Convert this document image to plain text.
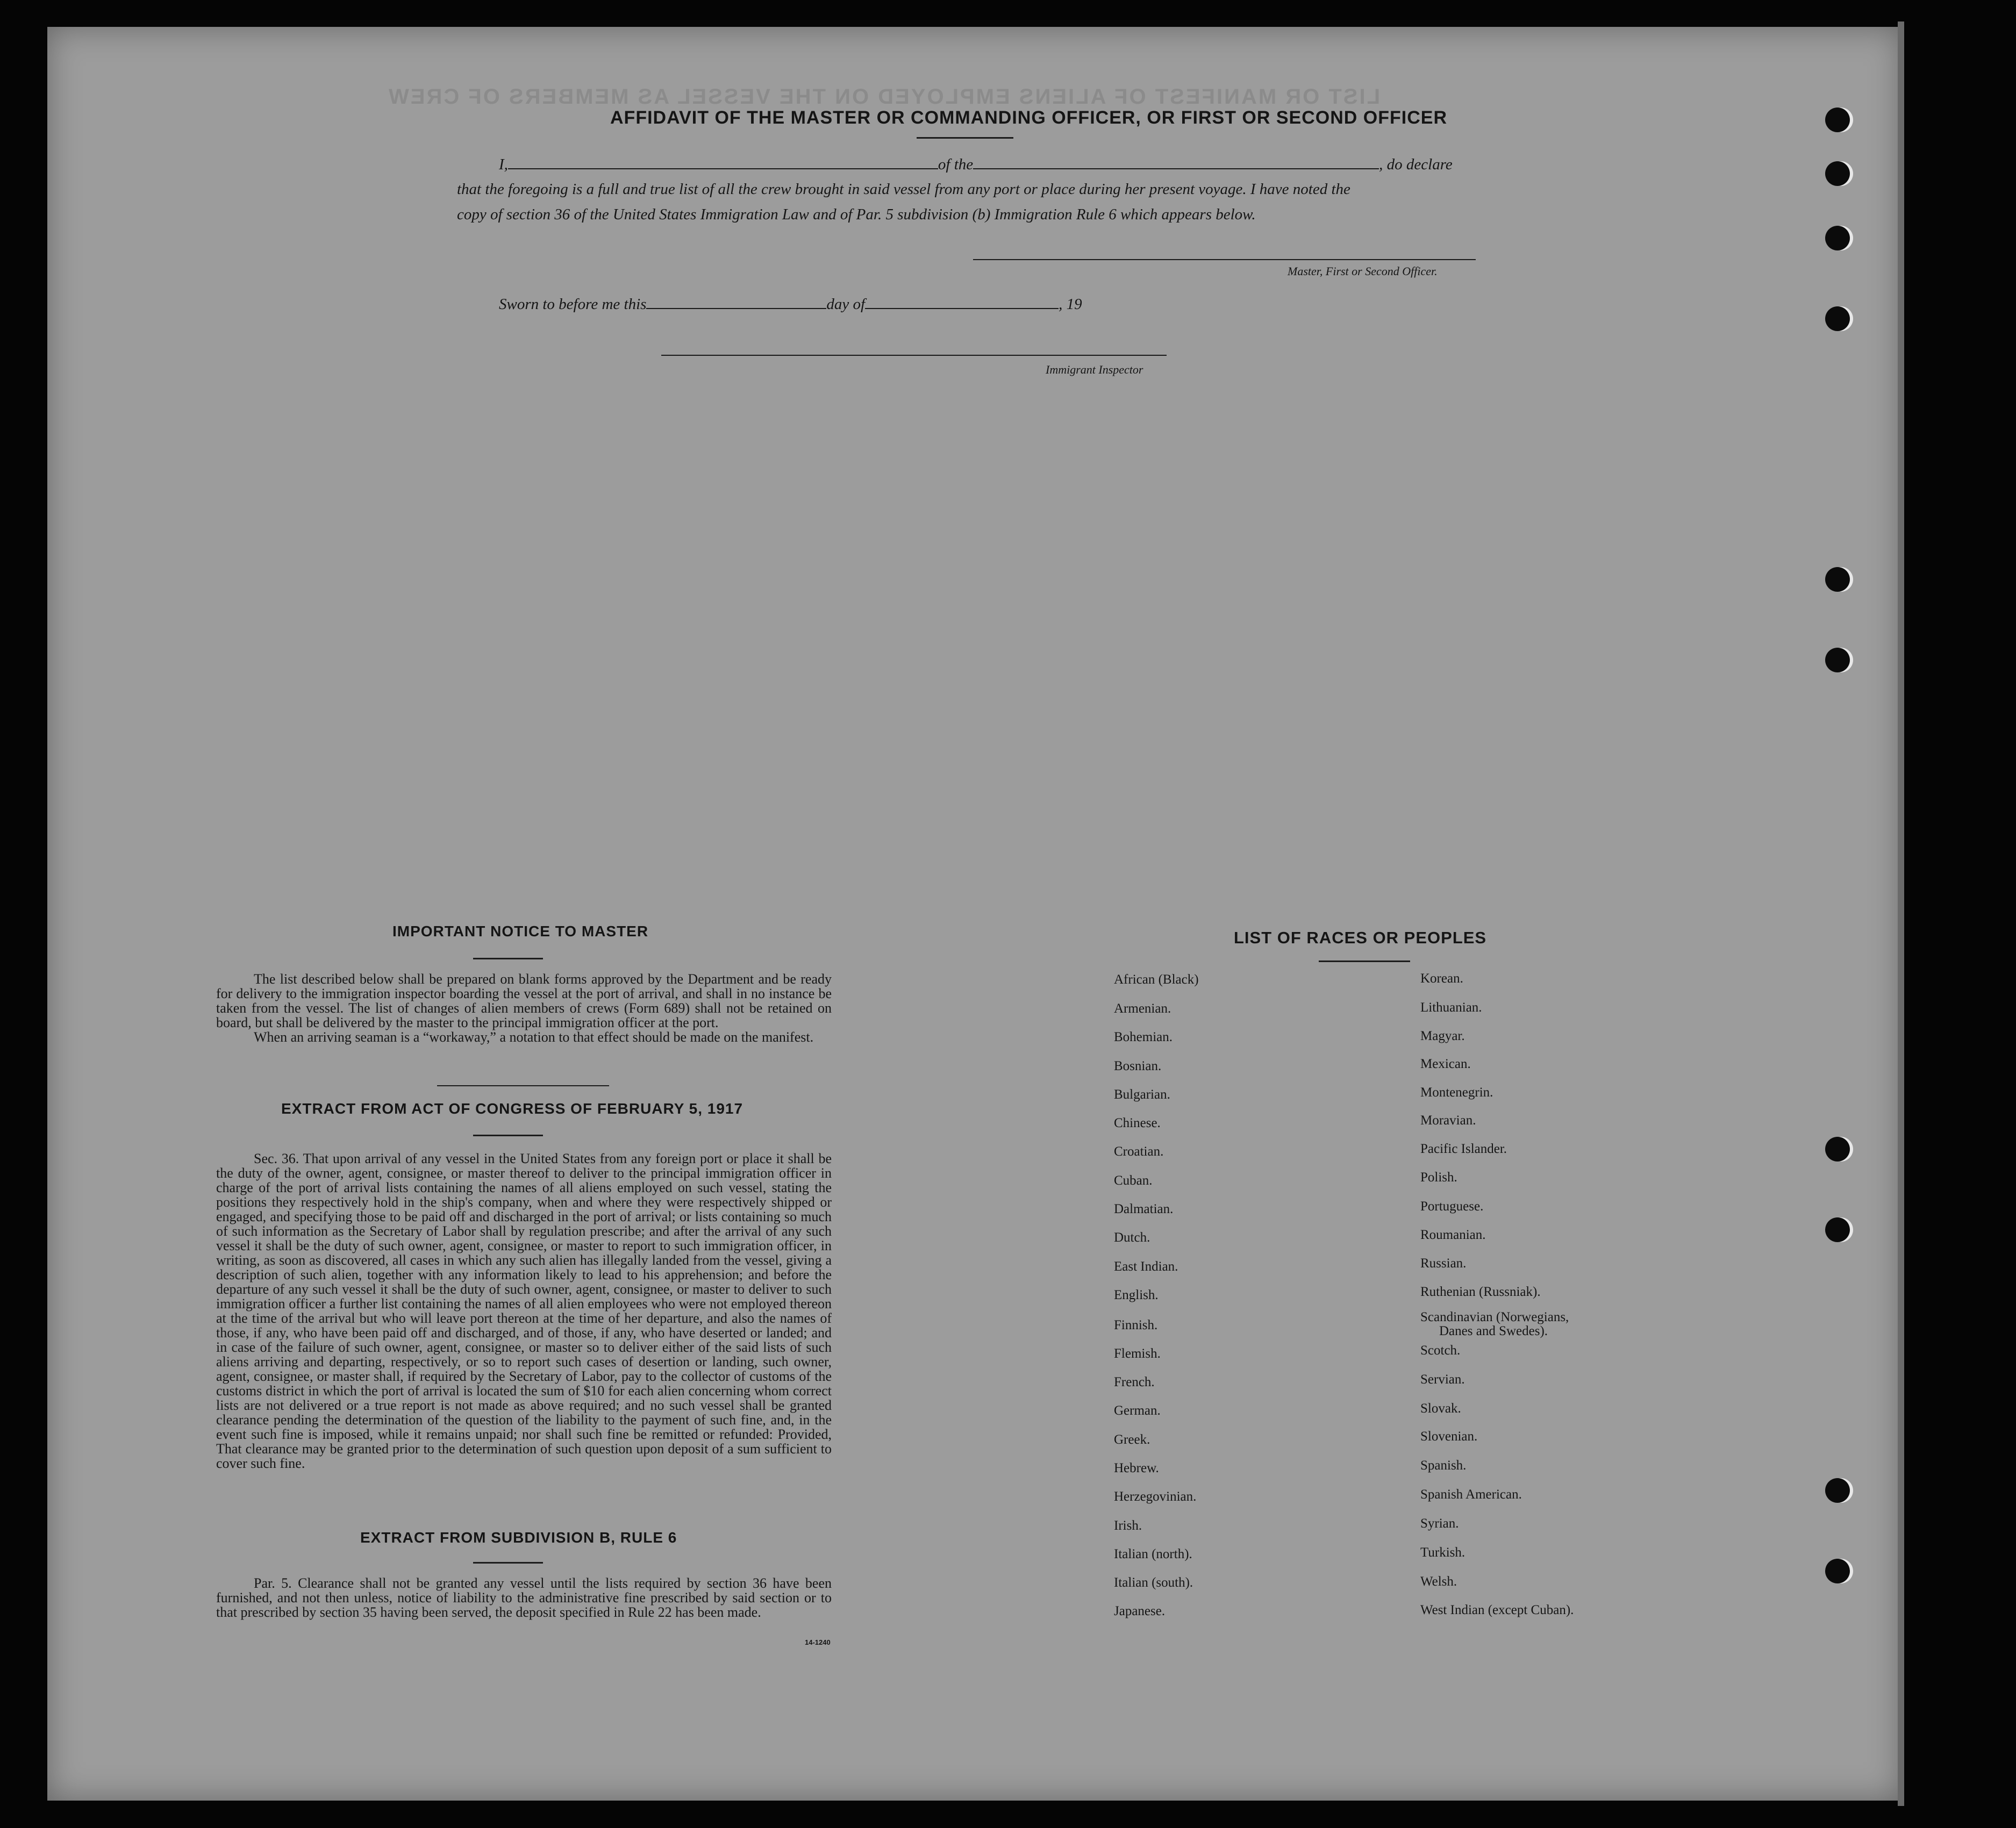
LIST OR MANIFEST OF ALIENS EMPLOYED ON THE VESSEL AS MEMBERS OF CREW
AFFIDAVIT OF THE MASTER OR COMMANDING OFFICER, OR FIRST OR SECOND OFFICER
I,	of the	, do declare
that the foregoing is a full and true list of all the crew brought in said vessel from any port or place during her present voyage. I have noted the
copy of section 36 of the United States Immigration Law and of Par. 5 subdivision (b) Immigration Rule 6 which appears below.
Master, First or Second Officer.
Sworn to before me this	day of	, 19
Immigrant Inspector
IMPORTANT NOTICE TO MASTER

The list described below shall be prepared on blank forms approved by the Department and be ready for delivery to the immigration inspector boarding the vessel at the port of arrival, and shall in no instance be taken from the vessel. The list of changes of alien members of crews (Form 689) shall not be retained on board, but shall be delivered by the master to the principal immigration officer at the port.

When an arriving seaman is a “workaway,” a notation to that effect should be made on the manifest.

EXTRACT FROM ACT OF CONGRESS OF FEBRUARY 5, 1917

Sec. 36. That upon arrival of any vessel in the United States from any foreign port or place it shall be the duty of the owner, agent, consignee, or master thereof to deliver to the principal immigration officer in charge of the port of arrival lists containing the names of all aliens employed on such vessel, stating the positions they respectively hold in the ship's company, when and where they were respectively shipped or engaged, and specifying those to be paid off and discharged in the port of arrival; or lists containing so much of such information as the Secretary of Labor shall by regulation prescribe; and after the arrival of any such vessel it shall be the duty of such owner, agent, consignee, or master to report to such immigration officer, in writing, as soon as discovered, all cases in which any such alien has illegally landed from the vessel, giving a description of such alien, together with any information likely to lead to his apprehension; and before the departure of any such vessel it shall be the duty of such owner, agent, consignee, or master to deliver to such immigration officer a further list containing the names of all alien employees who were not employed thereon at the time of the arrival but who will leave port thereon at the time of her departure, and also the names of those, if any, who have been paid off and discharged, and of those, if any, who have deserted or landed; and in case of the failure of such owner, agent, consignee, or master so to deliver either of the said lists of such aliens arriving and departing, respectively, or so to report such cases of desertion or landing, such owner, agent, consignee, or master shall, if required by the Secretary of Labor, pay to the collector of customs of the customs district in which the port of arrival is located the sum of $10 for each alien concerning whom correct lists are not delivered or a true report is not made as above required; and no such vessel shall be granted clearance pending the determination of the question of the liability to the payment of such fine, and, in the event such fine is imposed, while it remains unpaid; nor shall such fine be remitted or refunded: Provided, That clearance may be granted prior to the determination of such question upon deposit of a sum sufficient to cover such fine.

EXTRACT FROM SUBDIVISION B, RULE 6

Par. 5. Clearance shall not be granted any vessel until the lists required by section 36 have been furnished, and not then unless, notice of liability to the administrative fine prescribed by said section or to that prescribed by section 35 having been served, the deposit specified in Rule 22 has been made.

14-1240
LIST OF RACES OR PEOPLES
African (Black)
Armenian.
Bohemian.
Bosnian.
Bulgarian.
Chinese.
Croatian.
Cuban.
Dalmatian.
Dutch.
East Indian.
English.
Finnish.
Flemish.
French.
German.
Greek.
Hebrew.
Herzegovinian.
Irish.
Italian (north).
Italian (south).
Japanese.
Korean.
Lithuanian.
Magyar.
Mexican.
Montenegrin.
Moravian.
Pacific Islander.
Polish.
Portuguese.
Roumanian.
Russian.
Ruthenian (Russniak).
Scandinavian (Norwegians,
Danes and Swedes).
Scotch.
Servian.
Slovak.
Slovenian.
Spanish.
Spanish American.
Syrian.
Turkish.
Welsh.
West Indian (except Cuban).
